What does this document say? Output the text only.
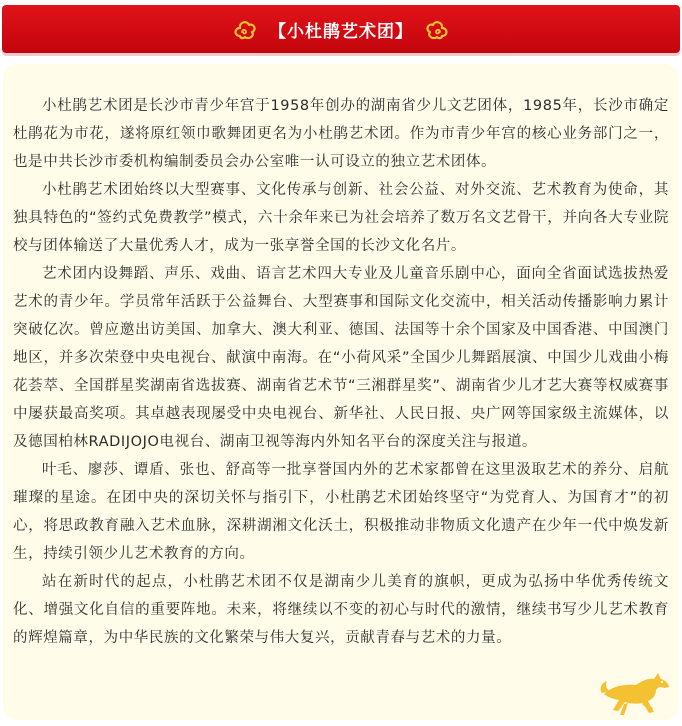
【小杜鹃艺术团】

小杜鹃艺术团是长沙市青少年宫于1958年创办的湖南省少儿文艺团体，1985年，长沙市确定杜鹃花为市花，遂将原红领巾歌舞团更名为小杜鹃艺术团。作为市青少年宫的核心业务部门之一，也是中共长沙市委机构编制委员会办公室唯一认可设立的独立艺术团体。

小杜鹃艺术团始终以大型赛事、文化传承与创新、社会公益、对外交流、艺术教育为使命，其独具特色的“签约式免费教学”模式，六十余年来已为社会培养了数万名文艺骨干，并向各大专业院校与团体输送了大量优秀人才，成为一张享誉全国的长沙文化名片。

艺术团内设舞蹈、声乐、戏曲、语言艺术四大专业及儿童音乐剧中心，面向全省面试选拔热爱艺术的青少年。学员常年活跃于公益舞台、大型赛事和国际文化交流中，相关活动传播影响力累计突破亿次。曾应邀出访美国、加拿大、澳大利亚、德国、法国等十余个国家及中国香港、中国澳门地区，并多次荣登中央电视台、献演中南海。在“小荷风采”全国少儿舞蹈展演、中国少儿戏曲小梅花荟萃、全国群星奖湖南省选拔赛、湖南省艺术节“三湘群星奖”、湖南省少儿才艺大赛等权威赛事中屡获最高奖项。其卓越表现屡受中央电视台、新华社、人民日报、央广网等国家级主流媒体，以及德国柏林RADIJOJO电视台、湖南卫视等海内外知名平台的深度关注与报道。

叶毛、廖莎、谭盾、张也、舒高等一批享誉国内外的艺术家都曾在这里汲取艺术的养分、启航璀璨的星途。在团中央的深切关怀与指引下，小杜鹃艺术团始终坚守“为党育人、为国育才”的初心，将思政教育融入艺术血脉，深耕湖湘文化沃土，积极推动非物质文化遗产在少年一代中焕发新生，持续引领少儿艺术教育的方向。

站在新时代的起点，小杜鹃艺术团不仅是湖南少儿美育的旗帜，更成为弘扬中华优秀传统文化、增强文化自信的重要阵地。未来，将继续以不变的初心与时代的激情，继续书写少儿艺术教育的辉煌篇章，为中华民族的文化繁荣与伟大复兴，贡献青春与艺术的力量。
